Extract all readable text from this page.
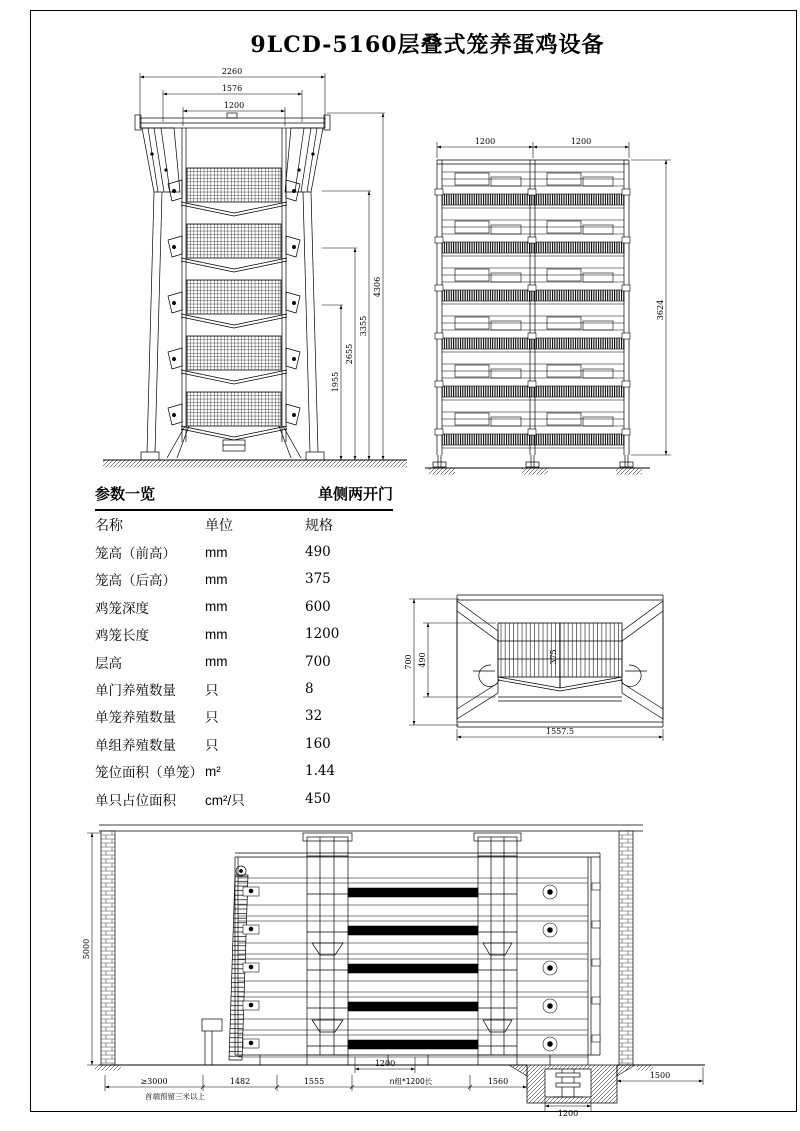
9LCD-5160层叠式笼养蛋鸡设备
2260
1576
1200
4306
3355
2655
1955
1200	1200
3624
参数一览	单侧两开门
名称	单位	规格
笼高（前高）	mm	490
笼高（后高）	mm	375
鸡笼深度	mm	600
鸡笼长度	mm	1200
层高	mm	700
单门养殖数量	只	8
单笼养殖数量	只	32
单组养殖数量	只	160
笼位面积（单笼） m²	1.44
单只占位面积	cm²/只	450
375
700 490
1557.5
5000
1200
≥3000	1482	1555	n组*1200长	1560
1500
1200
首端预留三米以上
